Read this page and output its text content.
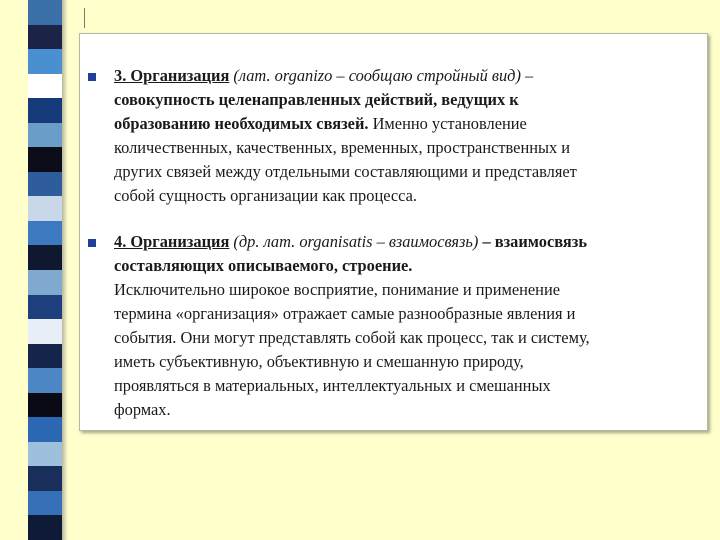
3. Организация (лат. organizo – сообщаю стройный вид) –
совокупность целенаправленных действий, ведущих к
образованию необходимых связей. Именно установление
количественных, качественных, временных, пространственных и
других связей между отдельными составляющими и представляет
собой сущность организации как процесса.
4. Организация (др. лат. organisatis – взаимосвязь) – взаимосвязь
составляющих описываемого, строение.
Исключительно широкое восприятие, понимание и применение
термина «организация» отражает самые разнообразные явления и
события. Они могут представлять собой как процесс, так и систему,
иметь субъективную, объективную и смешанную природу,
проявляться в материальных, интеллектуальных и смешанных
формах.
